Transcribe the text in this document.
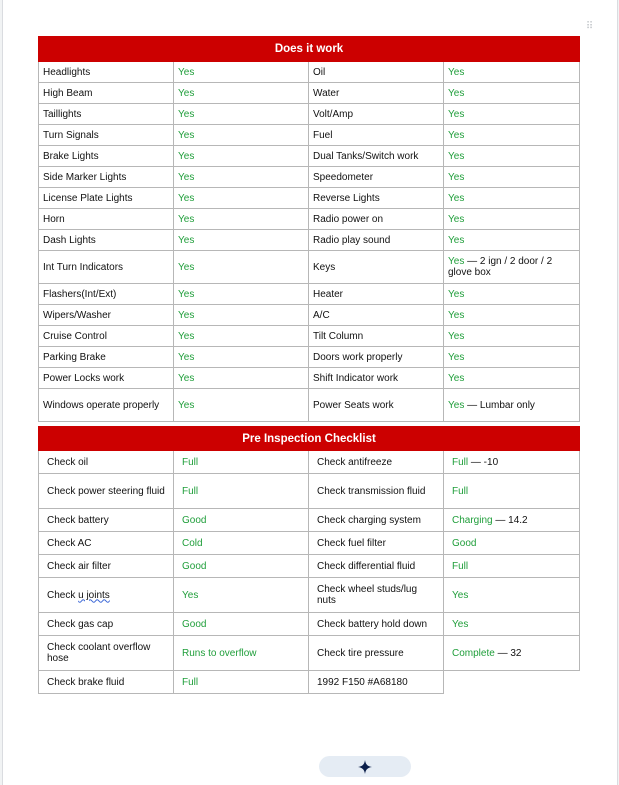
⠿
Does it work			
Headlights	Yes	Oil	Yes
High Beam	Yes	Water	Yes
Taillights	Yes	Volt/Amp	Yes
Turn Signals	Yes	Fuel	Yes
Brake Lights	Yes	Dual Tanks/Switch work	Yes
Side Marker Lights	Yes	Speedometer	Yes
License Plate Lights	Yes	Reverse Lights	Yes
Horn	Yes	Radio power on	Yes
Dash Lights	Yes	Radio play sound	Yes
Int Turn Indicators	Yes	Keys	Yes — 2 ign / 2 door / 2 glove box
Flashers(Int/Ext)	Yes	Heater	Yes
Wipers/Washer	Yes	A/C	Yes
Cruise Control	Yes	Tilt Column	Yes
Parking Brake	Yes	Doors work properly	Yes
Power Locks work	Yes	Shift Indicator work	Yes
Windows operate properly	Yes	Power Seats work	Yes — Lumbar only
Pre Inspection Checklist			
Check oil	Full	Check antifreeze	Full — -10
Check power steering fluid	Full	Check transmission fluid	Full
Check battery	Good	Check charging system	Charging — 14.2
Check AC	Cold	Check fuel filter	Good
Check air filter	Good	Check differential fluid	Full
Check u joints	Yes	Check wheel studs/lug nuts	Yes
Check gas cap	Good	Check battery hold down	Yes
Check coolant overflow hose	Runs to overflow	Check tire pressure	Complete — 32
Check brake fluid	Full	1992 F150 #A68180	
